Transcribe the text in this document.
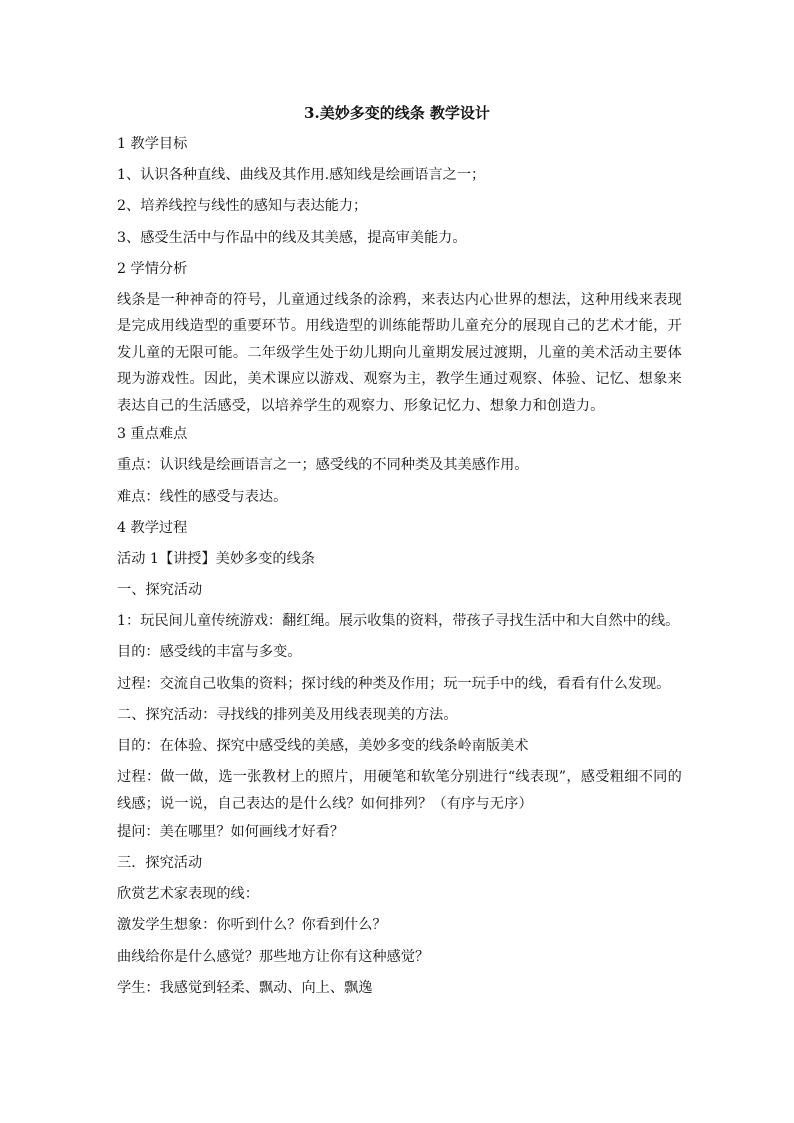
3.美妙多变的线条 教学设计

1 教学目标

1、认识各种直线、曲线及其作用.感知线是绘画语言之一；

2、培养线控与线性的感知与表达能力；

3、感受生活中与作品中的线及其美感，提高审美能力。

2 学情分析

线条是一种神奇的符号，儿童通过线条的涂鸦，来表达内心世界的想法，这种用线来表现是完成用线造型的重要环节。用线造型的训练能帮助儿童充分的展现自己的艺术才能，开发儿童的无限可能。二年级学生处于幼儿期向儿童期发展过渡期，儿童的美术活动主要体现为游戏性。因此，美术课应以游戏、观察为主，教学生通过观察、体验、记忆、想象来表达自己的生活感受，以培养学生的观察力、形象记忆力、想象力和创造力。

3 重点难点

重点：认识线是绘画语言之一；感受线的不同种类及其美感作用。

难点：线性的感受与表达。

4 教学过程

活动 1【讲授】美妙多变的线条

一、探究活动

1：玩民间儿童传统游戏：翻红绳。展示收集的资料，带孩子寻找生活中和大自然中的线。

目的：感受线的丰富与多变。

过程：交流自己收集的资料；探讨线的种类及作用；玩一玩手中的线，看看有什么发现。

二、探究活动：寻找线的排列美及用线表现美的方法。

目的：在体验、探究中感受线的美感，美妙多变的线条岭南版美术

过程：做一做，选一张教材上的照片，用硬笔和软笔分别进行“线表现”，感受粗细不同的线感；说一说，自己表达的是什么线？如何排列？（有序与无序）

提问：美在哪里？如何画线才好看？

三．探究活动

欣赏艺术家表现的线：

激发学生想象：你听到什么？你看到什么？

曲线给你是什么感觉？那些地方让你有这种感觉？

学生：我感觉到轻柔、飘动、向上、飘逸
